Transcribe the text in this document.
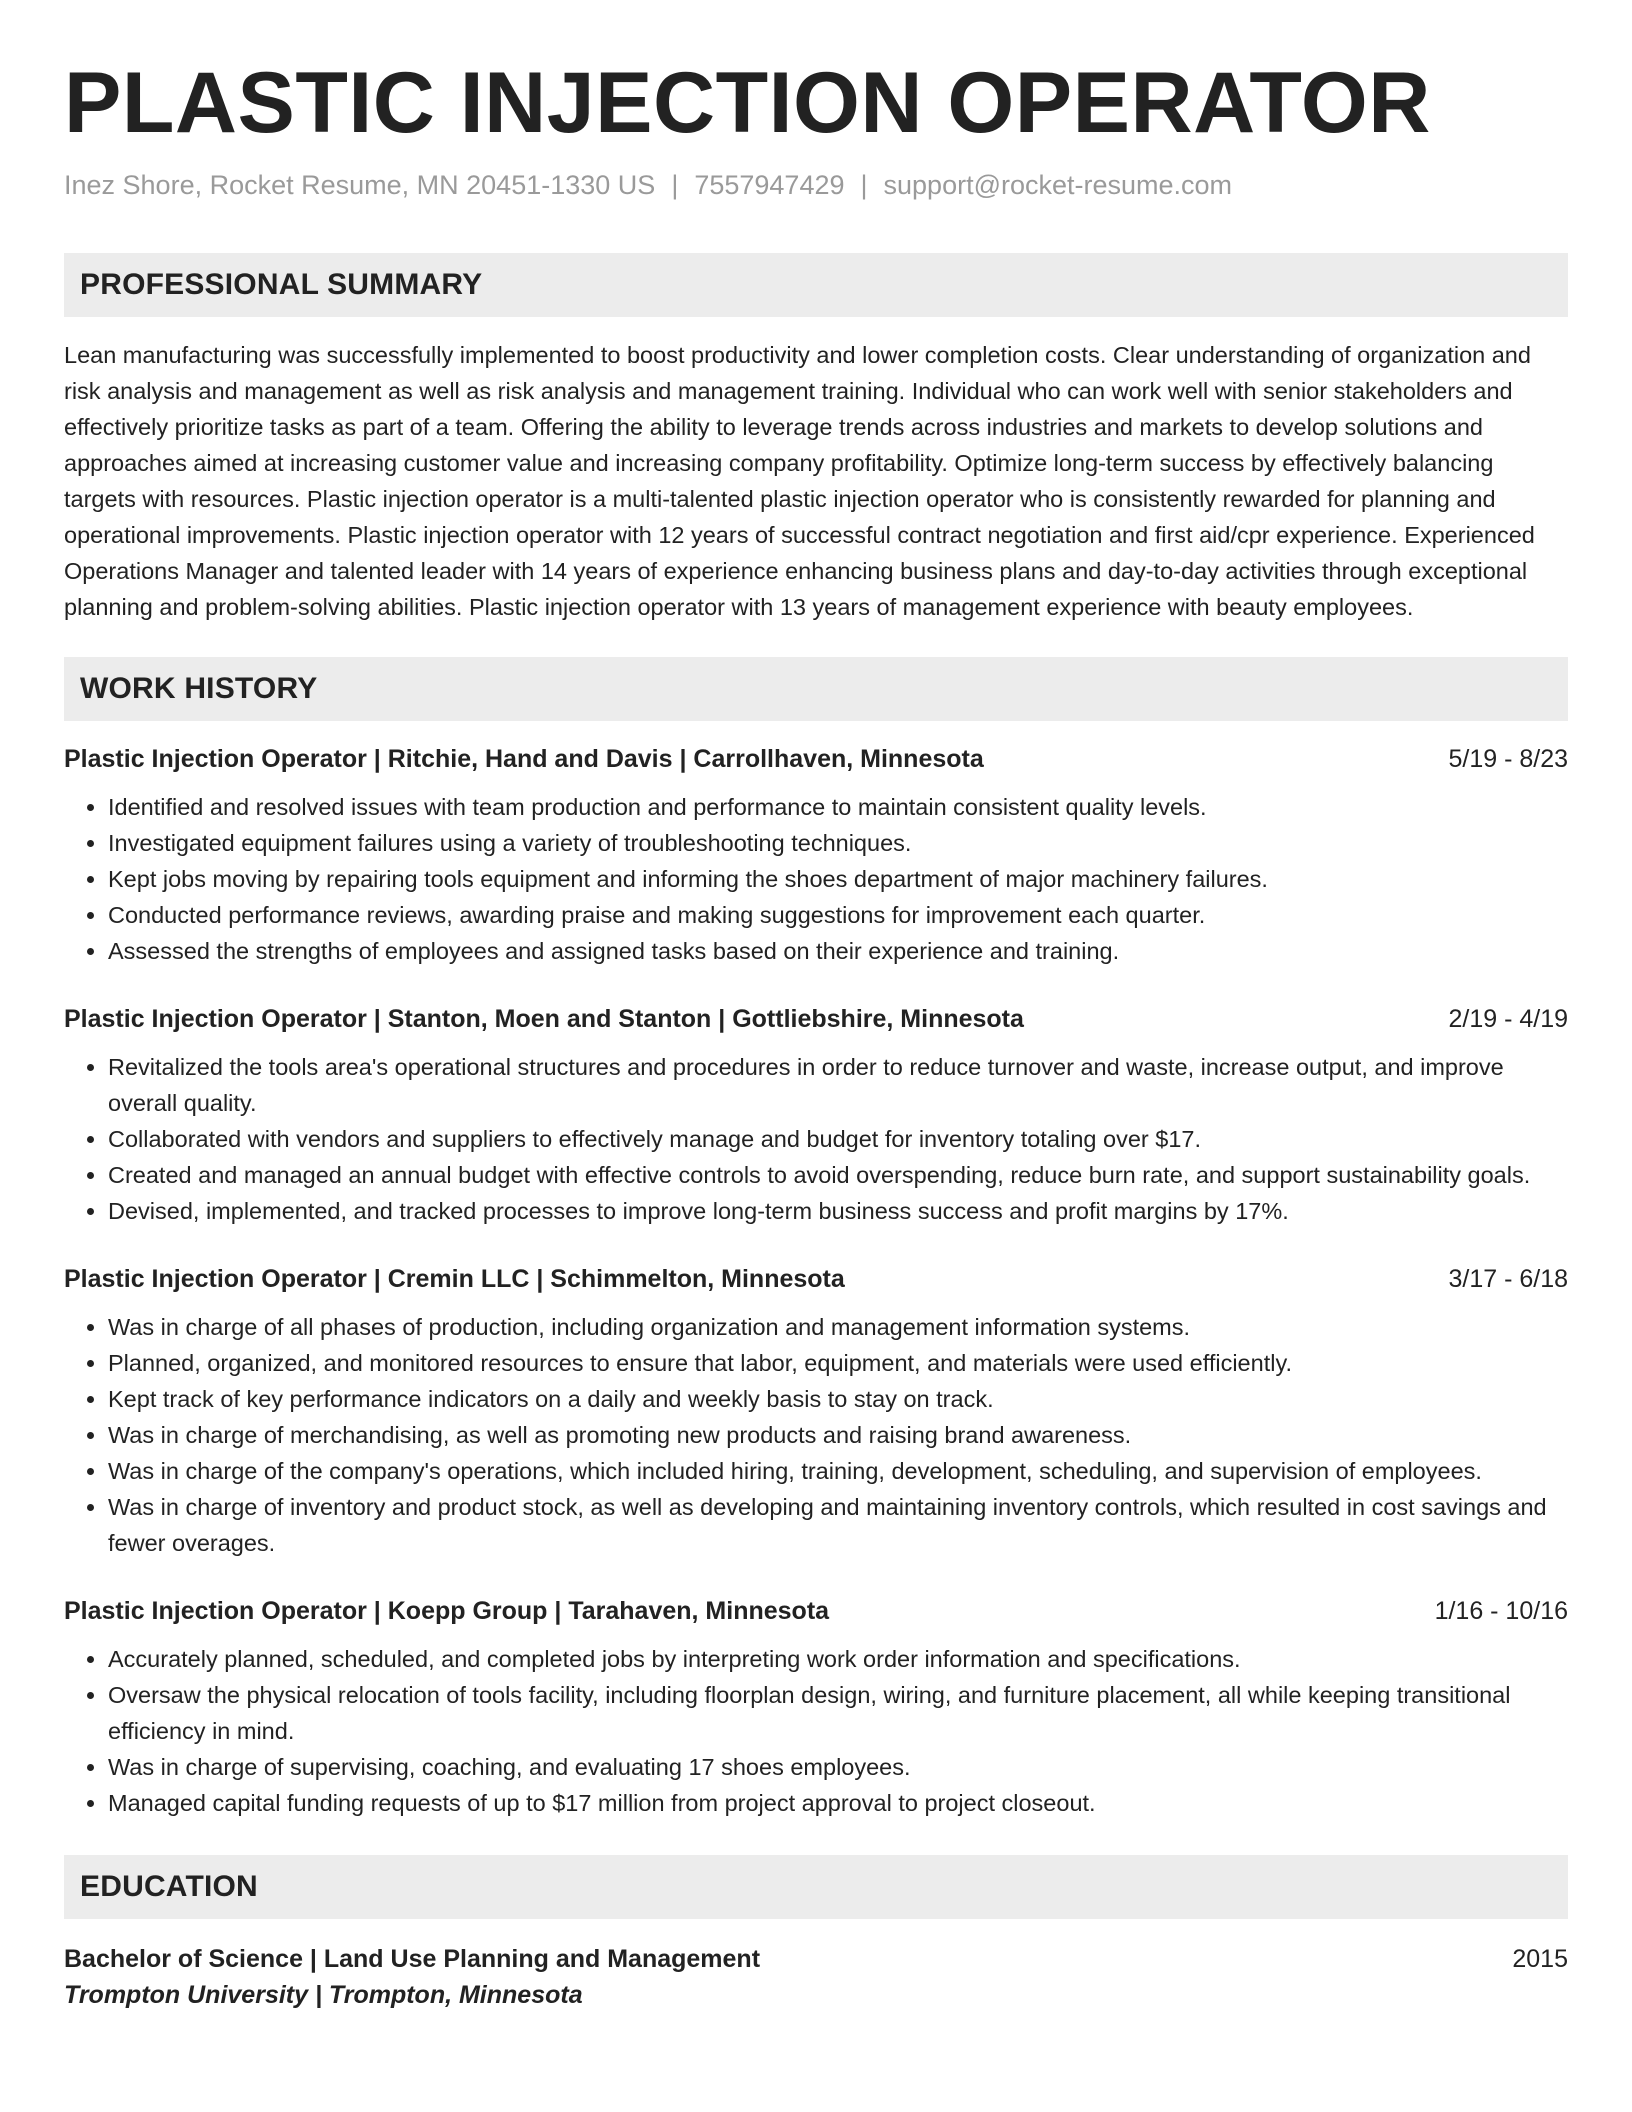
PLASTIC INJECTION OPERATOR
Inez Shore, Rocket Resume, MN 20451-1330 US | 7557947429 | support@rocket-resume.com
PROFESSIONAL SUMMARY

Lean manufacturing was successfully implemented to boost productivity and lower completion costs. Clear understanding of organization and risk analysis and management as well as risk analysis and management training. Individual who can work well with senior stakeholders and effectively prioritize tasks as part of a team. Offering the ability to leverage trends across industries and markets to develop solutions and approaches aimed at increasing customer value and increasing company profitability. Optimize long-term success by effectively balancing targets with resources. Plastic injection operator is a multi-talented plastic injection operator who is consistently rewarded for planning and operational improvements. Plastic injection operator with 12 years of successful contract negotiation and first aid/cpr experience. Experienced Operations Manager and talented leader with 14 years of experience enhancing business plans and day-to-day activities through exceptional planning and problem-solving abilities. Plastic injection operator with 13 years of management experience with beauty employees.

WORK HISTORY
Plastic Injection Operator | Ritchie, Hand and Davis | Carrollhaven, Minnesota	5/19 - 8/23
• Identified and resolved issues with team production and performance to maintain consistent quality levels.
• Investigated equipment failures using a variety of troubleshooting techniques.
• Kept jobs moving by repairing tools equipment and informing the shoes department of major machinery failures.
• Conducted performance reviews, awarding praise and making suggestions for improvement each quarter.
• Assessed the strengths of employees and assigned tasks based on their experience and training.
Plastic Injection Operator | Stanton, Moen and Stanton | Gottliebshire, Minnesota	2/19 - 4/19
• Revitalized the tools area's operational structures and procedures in order to reduce turnover and waste, increase output, and improve overall quality.
• Collaborated with vendors and suppliers to effectively manage and budget for inventory totaling over $17.
• Created and managed an annual budget with effective controls to avoid overspending, reduce burn rate, and support sustainability goals.
• Devised, implemented, and tracked processes to improve long-term business success and profit margins by 17%.
Plastic Injection Operator | Cremin LLC | Schimmelton, Minnesota	3/17 - 6/18
• Was in charge of all phases of production, including organization and management information systems.
• Planned, organized, and monitored resources to ensure that labor, equipment, and materials were used efficiently.
• Kept track of key performance indicators on a daily and weekly basis to stay on track.
• Was in charge of merchandising, as well as promoting new products and raising brand awareness.
• Was in charge of the company's operations, which included hiring, training, development, scheduling, and supervision of employees.
• Was in charge of inventory and product stock, as well as developing and maintaining inventory controls, which resulted in cost savings and fewer overages.
Plastic Injection Operator | Koepp Group | Tarahaven, Minnesota	1/16 - 10/16
• Accurately planned, scheduled, and completed jobs by interpreting work order information and specifications.
• Oversaw the physical relocation of tools facility, including floorplan design, wiring, and furniture placement, all while keeping transitional efficiency in mind.
• Was in charge of supervising, coaching, and evaluating 17 shoes employees.
• Managed capital funding requests of up to $17 million from project approval to project closeout.
EDUCATION
Bachelor of Science | Land Use Planning and Management	2015
Trompton University | Trompton, Minnesota
